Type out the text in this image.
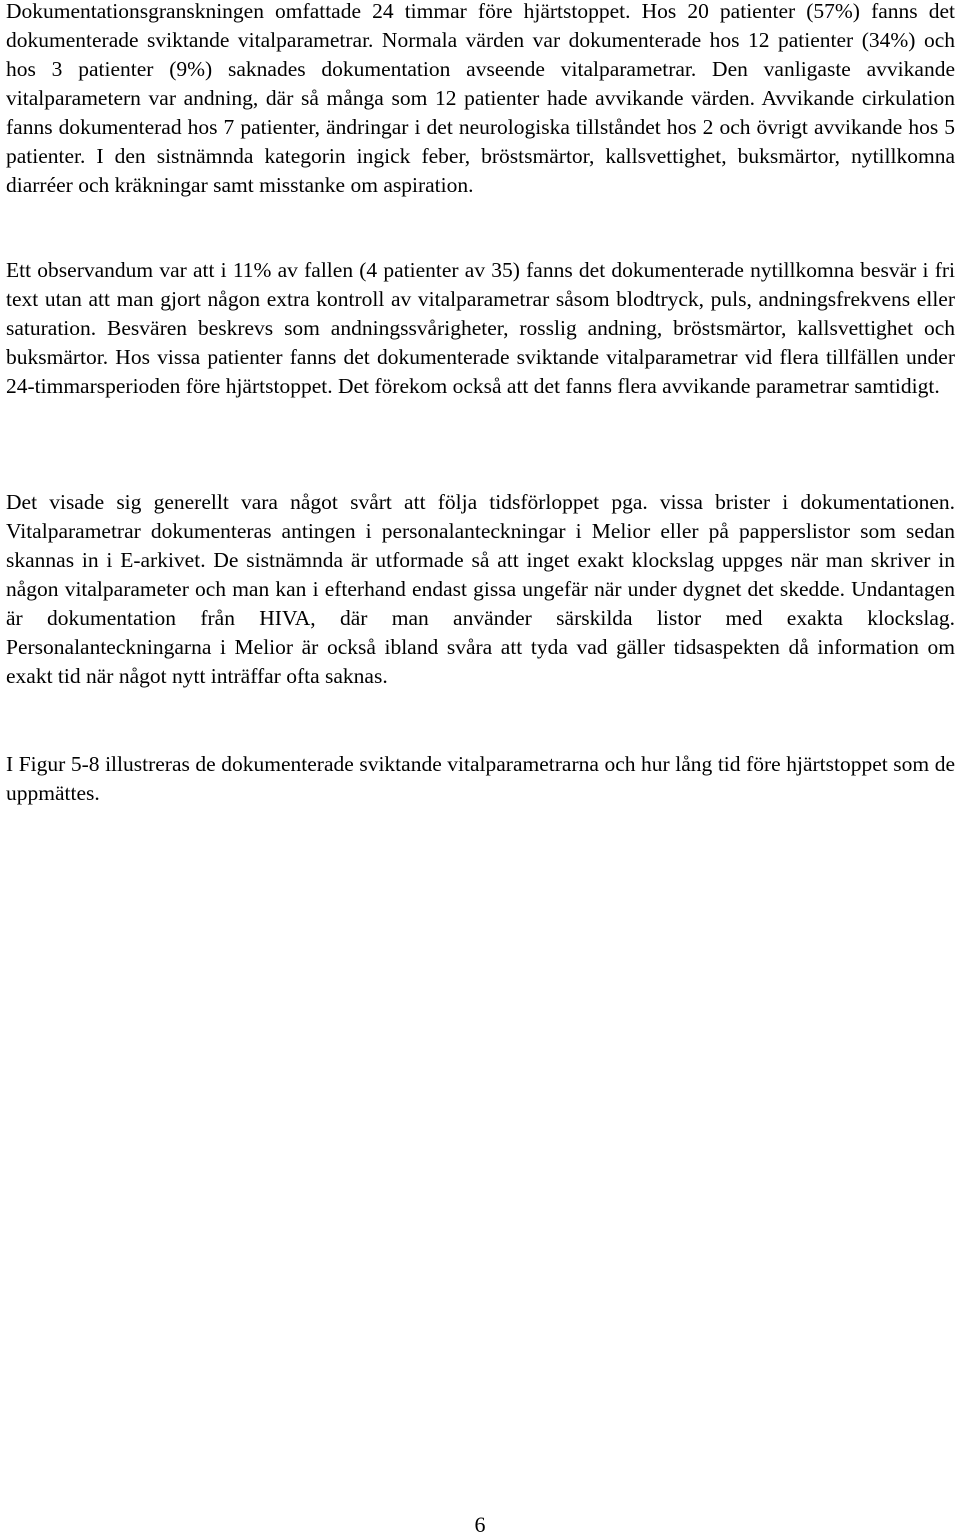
Dokumentationsgranskningen omfattade 24 timmar före hjärtstoppet. Hos 20 patienter (57%) fanns det dokumenterade sviktande vitalparametrar. Normala värden var dokumenterade hos 12 patienter (34%) och hos 3 patienter (9%) saknades dokumentation avseende vitalparametrar. Den vanligaste avvikande vitalparametern var andning, där så många som 12 patienter hade avvikande värden. Avvikande cirkulation fanns dokumenterad hos 7 patienter, ändringar i det neurologiska tillståndet hos 2 och övrigt avvikande hos 5 patienter. I den sistnämnda kategorin ingick feber, bröstsmärtor, kallsvettighet, buksmärtor, nytillkomna diarréer och kräkningar samt misstanke om aspiration.

Ett observandum var att i 11% av fallen (4 patienter av 35) fanns det dokumenterade nytillkomna besvär i fri text utan att man gjort någon extra kontroll av vitalparametrar såsom blodtryck, puls, andningsfrekvens eller saturation. Besvären beskrevs som andningssvårigheter, rosslig andning, bröstsmärtor, kallsvettighet och buksmärtor. Hos vissa patienter fanns det dokumenterade sviktande vitalparametrar vid flera tillfällen under 24-timmarsperioden före hjärtstoppet. Det förekom också att det fanns flera avvikande parametrar samtidigt.

Det visade sig generellt vara något svårt att följa tidsförloppet pga. vissa brister i dokumentationen. Vitalparametrar dokumenteras antingen i personalanteckningar i Melior eller på papperslistor som sedan skannas in i E-arkivet. De sistnämnda är utformade så att inget exakt klockslag uppges när man skriver in någon vitalparameter och man kan i efterhand endast gissa ungefär när under dygnet det skedde. Undantagen är dokumentation från HIVA, där man använder särskilda listor med exakta klockslag. Personalanteckningarna i Melior är också ibland svåra att tyda vad gäller tidsaspekten då information om exakt tid när något nytt inträffar ofta saknas.

I Figur 5-8 illustreras de dokumenterade sviktande vitalparametrarna och hur lång tid före hjärtstoppet som de uppmättes.

6
